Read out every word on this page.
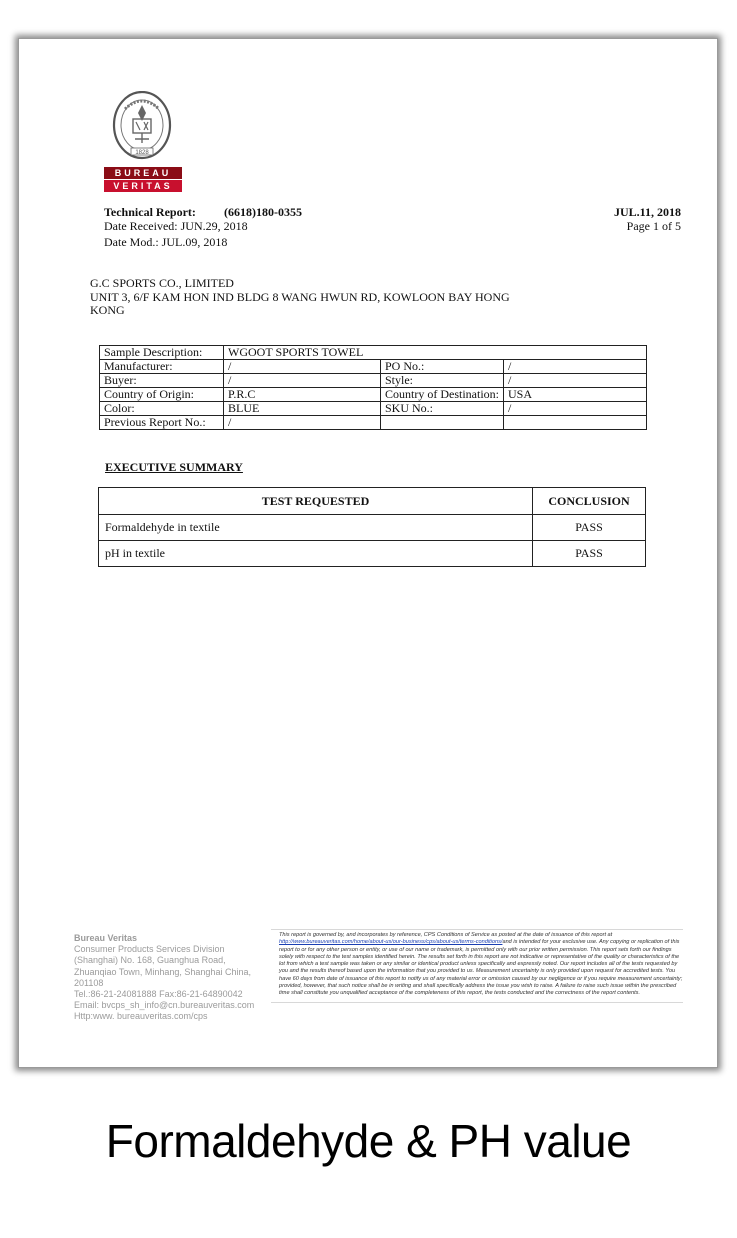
1828
BUREAU
VERITAS
Technical Report: (6618)180-0355	JUL.11, 2018
Date Received: JUN.29, 2018	Page 1 of 5
Date Mod.: JUL.09, 2018
G.C SPORTS CO., LIMITED
UNIT 3, 6/F KAM HON IND BLDG 8 WANG HWUN RD, KOWLOON BAY HONG KONG
Sample Description:	WGOOT SPORTS TOWEL		
Manufacturer:	/	PO No.:	/
Buyer:	/	Style:	/
Country of Origin:	P.R.C	Country of Destination:	USA
Color:	BLUE	SKU No.:	/
Previous Report No.:	/		
EXECUTIVE SUMMARY
TEST REQUESTED	CONCLUSION
Formaldehyde in textile	PASS
pH in textile	PASS
Bureau Veritas
Consumer Products Services Division
(Shanghai) No. 168, Guanghua Road,
Zhuanqiao Town, Minhang, Shanghai China,
201108
Tel.:86-21-24081888 Fax:86-21-64890042
Email: bvcps_sh_info@cn.bureauveritas.com
Http:www. bureauveritas.com/cps
This report is governed by, and incorporates by reference, CPS Conditions of Service as posted at the date of issuance of this report at http://www.bureauveritas.com/home/about-us/our-business/cps/about-us/terms-conditions/and is intended for your exclusive use. Any copying or replication of this report to or for any other person or entity, or use of our name or trademark, is permitted only with our prior written permission. This report sets forth our findings solely with respect to the test samples identified herein. The results set forth in this report are not indicative or representative of the quality or characteristics of the lot from which a test sample was taken or any similar or identical product unless specifically and expressly noted. Our report includes all of the tests requested by you and the results thereof based upon the information that you provided to us. Measurement uncertainty is only provided upon request for accredited tests. You have 60 days from date of issuance of this report to notify us of any material error or omission caused by our negligence or if you require measurement uncertainty; provided, however, that such notice shall be in writing and shall specifically address the issue you wish to raise. A failure to raise such issue within the prescribed time shall constitute you unqualified acceptance of the completeness of this report, the tests conducted and the correctness of the report contents.
Formaldehyde & PH value
